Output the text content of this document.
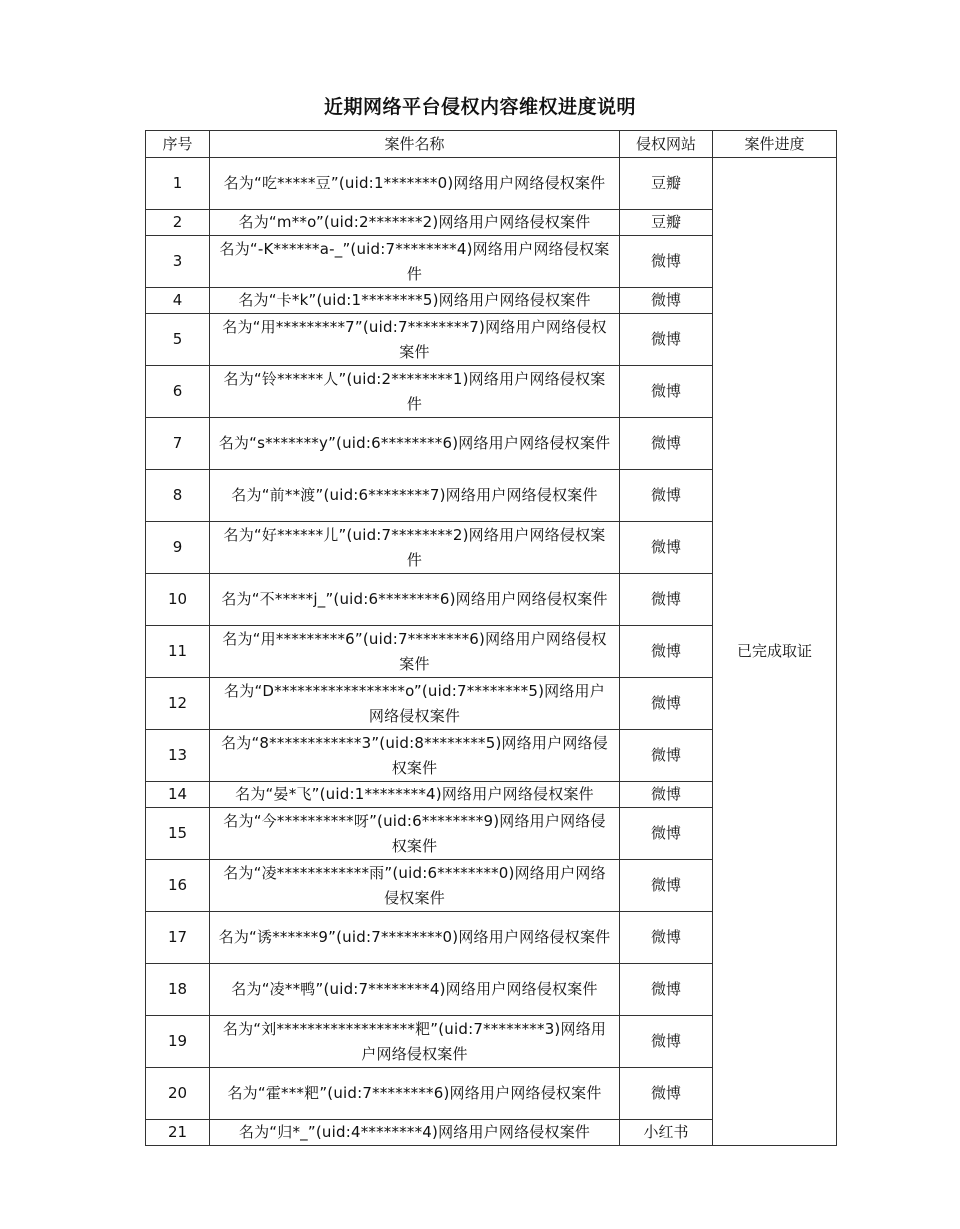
近期网络平台侵权内容维权进度说明
序号	案件名称	侵权网站	案件进度
1	名为“吃*****豆”(uid:1*******0)网络用户网络侵权案件	豆瓣	已完成取证
2	名为“m**o”(uid:2*******2)网络用户网络侵权案件	豆瓣	
3	名为“-K******a-_”(uid:7********4)网络用户网络侵权案件	微博	
4	名为“卡*k”(uid:1********5)网络用户网络侵权案件	微博	
5	名为“用*********7”(uid:7********7)网络用户网络侵权案件	微博	
6	名为“铃******人”(uid:2********1)网络用户网络侵权案件	微博	
7	名为“s*******y”(uid:6********6)网络用户网络侵权案件	微博	
8	名为“前**渡”(uid:6********7)网络用户网络侵权案件	微博	
9	名为“好******儿”(uid:7********2)网络用户网络侵权案件	微博	
10	名为“不*****j_”(uid:6********6)网络用户网络侵权案件	微博	
11	名为“用*********6”(uid:7********6)网络用户网络侵权案件	微博	
12	名为“D*****************o”(uid:7********5)网络用户网络侵权案件	微博	
13	名为“8************3”(uid:8********5)网络用户网络侵权案件	微博	
14	名为“晏*飞”(uid:1********4)网络用户网络侵权案件	微博	
15	名为“今**********呀”(uid:6********9)网络用户网络侵权案件	微博	
16	名为“凌************雨”(uid:6********0)网络用户网络侵权案件	微博	
17	名为“诱******9”(uid:7********0)网络用户网络侵权案件	微博	
18	名为“凌**鸭”(uid:7********4)网络用户网络侵权案件	微博	
19	名为“刘******************粑”(uid:7********3)网络用户网络侵权案件	微博	
20	名为“霍***粑”(uid:7********6)网络用户网络侵权案件	微博	
21	名为“归*_”(uid:4********4)网络用户网络侵权案件	小红书	
